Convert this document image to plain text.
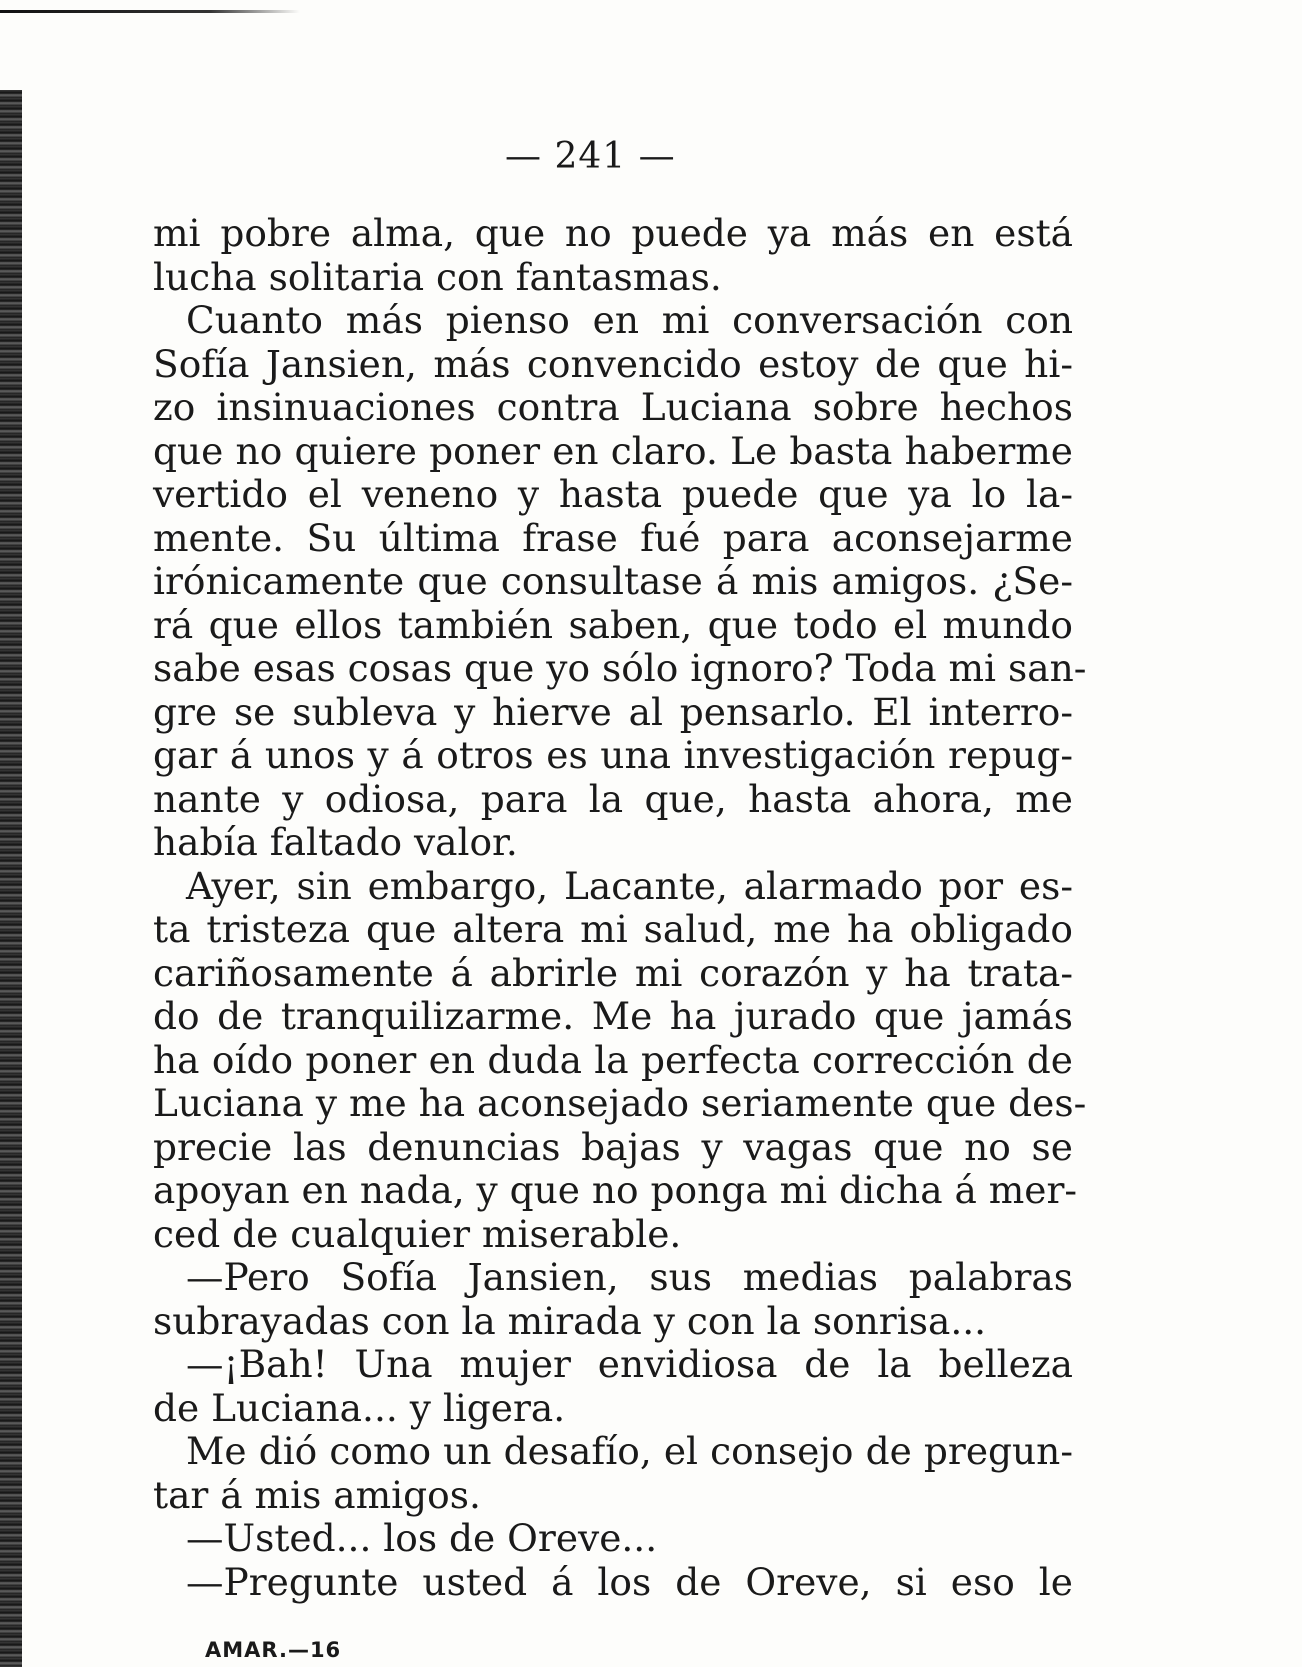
— 241 —
mi pobre alma, que no puede ya más en está
lucha solitaria con fantasmas.
Cuanto más pienso en mi conversación con
Sofía Jansien, más convencido estoy de que hi-
zo insinuaciones contra Luciana sobre hechos
que no quiere poner en claro. Le basta haberme
vertido el veneno y hasta puede que ya lo la-
mente. Su última frase fué para aconsejarme
irónicamente que consultase á mis amigos. ¿Se-
rá que ellos también saben, que todo el mundo
sabe esas cosas que yo sólo ignoro? Toda mi san-
gre se subleva y hierve al pensarlo. El interro-
gar á unos y á otros es una investigación repug-
nante y odiosa, para la que, hasta ahora, me
había faltado valor.
Ayer, sin embargo, Lacante, alarmado por es-
ta tristeza que altera mi salud, me ha obligado
cariñosamente á abrirle mi corazón y ha trata-
do de tranquilizarme. Me ha jurado que jamás
ha oído poner en duda la perfecta corrección de
Luciana y me ha aconsejado seriamente que des-
precie las denuncias bajas y vagas que no se
apoyan en nada, y que no ponga mi dicha á mer-
ced de cualquier miserable.
—Pero Sofía Jansien, sus medias palabras
subrayadas con la mirada y con la sonrisa...
—¡Bah! Una mujer envidiosa de la belleza
de Luciana... y ligera.
Me dió como un desafío, el consejo de pregun-
tar á mis amigos.
—Usted... los de Oreve...
—Pregunte usted á los de Oreve, si eso le
AMAR.—16
